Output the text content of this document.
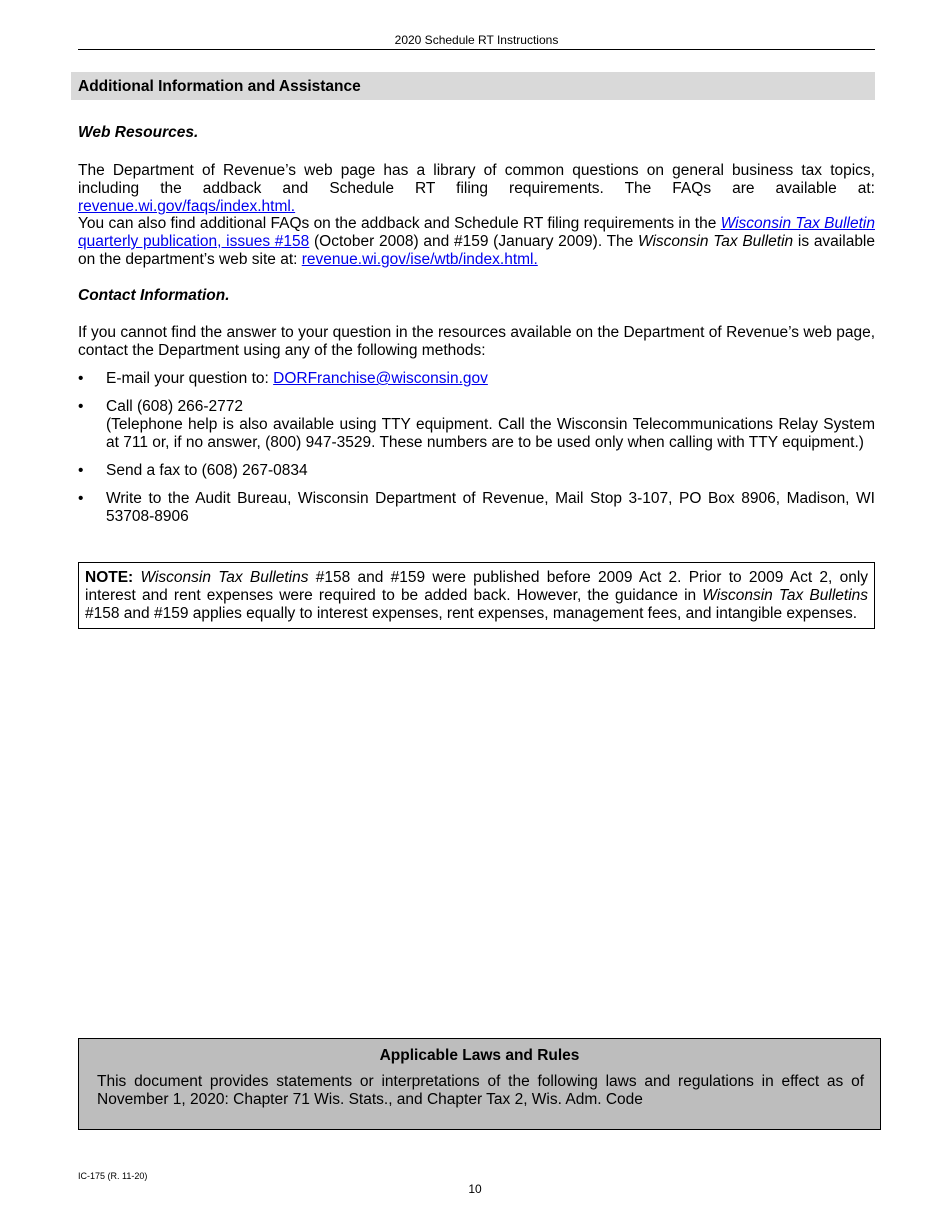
2020 Schedule RT Instructions
Additional Information and Assistance
Web Resources.
The Department of Revenue’s web page has a library of common questions on general business tax topics, including the addback and Schedule RT filing requirements. The FAQs are available at: revenue.wi.gov/faqs/index.html.
You can also find additional FAQs on the addback and Schedule RT filing requirements in the Wisconsin Tax Bulletin quarterly publication, issues #158 (October 2008) and #159 (January 2009). The Wisconsin Tax Bulletin is available on the department’s web site at: revenue.wi.gov/ise/wtb/index.html.
Contact Information.
If you cannot find the answer to your question in the resources available on the Department of Revenue’s web page, contact the Department using any of the following methods:
•	E-mail your question to: DORFranchise@wisconsin.gov
•	Call (608) 266-2772
(Telephone help is also available using TTY equipment. Call the Wisconsin Telecommunications Relay System at 711 or, if no answer, (800) 947-3529. These numbers are to be used only when calling with TTY equipment.)
•	Send a fax to (608) 267-0834
•	Write to the Audit Bureau, Wisconsin Department of Revenue, Mail Stop 3-107, PO Box 8906, Madison, WI 53708-8906
NOTE: Wisconsin Tax Bulletins #158 and #159 were published before 2009 Act 2. Prior to 2009 Act 2, only interest and rent expenses were required to be added back. However, the guidance in Wisconsin Tax Bulletins #158 and #159 applies equally to interest expenses, rent expenses, management fees, and intangible expenses.
Applicable Laws and Rules
This document provides statements or interpretations of the following laws and regulations in effect as of November 1, 2020: Chapter 71 Wis. Stats., and Chapter Tax 2, Wis. Adm. Code
IC-175 (R. 11-20)
10
